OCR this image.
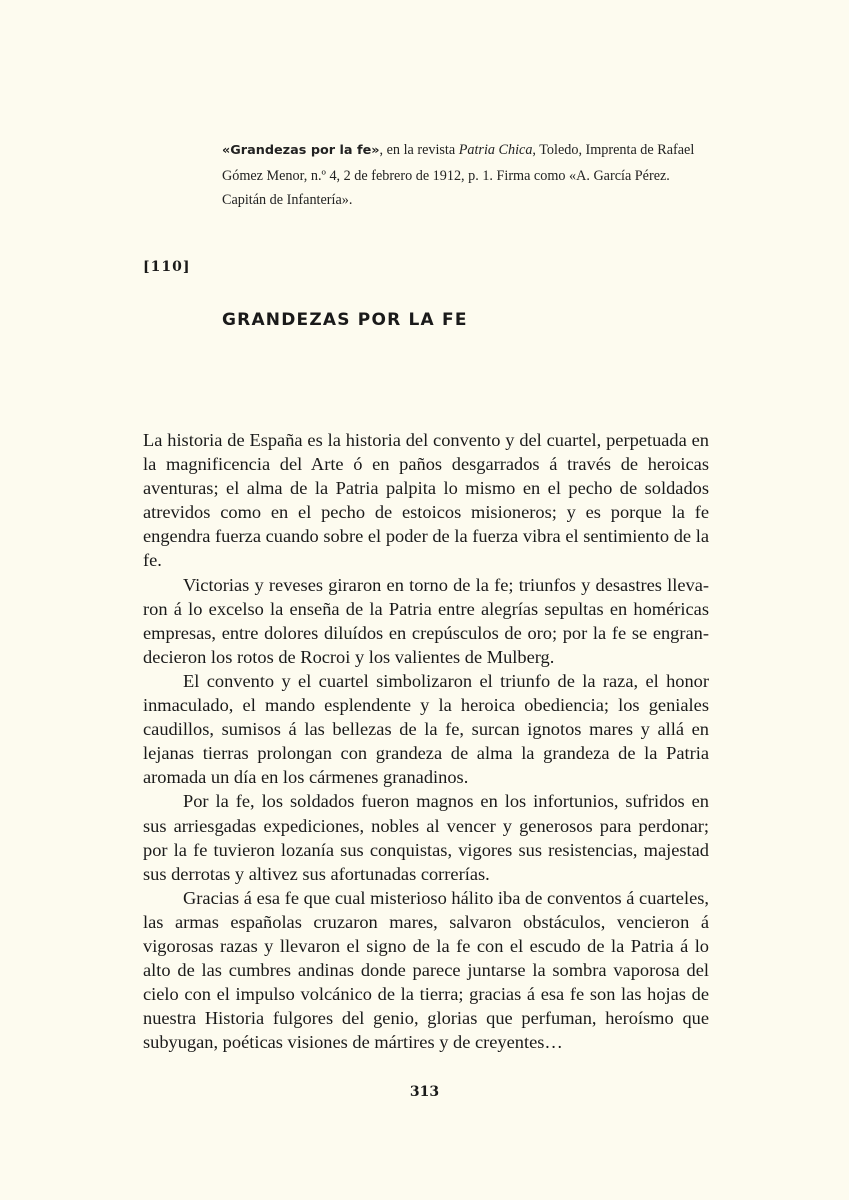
«Grandezas por la fe», en la revista Patria Chica, Toledo, Imprenta de Rafael Gómez Menor, n.º 4, 2 de febrero de 1912, p. 1. Firma como «A. García Pérez. Capitán de Infantería».
[110]
GRANDEZAS POR LA FE

La historia de España es la historia del convento y del cuartel, perpetuada en la magnificencia del Arte ó en paños desgarrados á través de heroicas aventuras; el alma de la Patria palpita lo mismo en el pecho de soldados atrevidos como en el pecho de estoicos misioneros; y es porque la fe engendra fuerza cuando sobre el poder de la fuerza vibra el sentimiento de la fe.

Victorias y reveses giraron en torno de la fe; triunfos y desastres llevaron á lo excelso la enseña de la Patria entre alegrías sepultas en homéricas empresas, entre dolores diluídos en crepúsculos de oro; por la fe se engrandecieron los rotos de Rocroi y los valientes de Mulberg.

El convento y el cuartel simbolizaron el triunfo de la raza, el honor inmaculado, el mando esplendente y la heroica obediencia; los geniales caudillos, sumisos á las bellezas de la fe, surcan ignotos mares y allá en lejanas tierras prolongan con grandeza de alma la grandeza de la Patria aromada un día en los cármenes granadinos.

Por la fe, los soldados fueron magnos en los infortunios, sufridos en sus arriesgadas expediciones, nobles al vencer y generosos para perdonar; por la fe tuvieron lozanía sus conquistas, vigores sus resistencias, majestad sus derrotas y altivez sus afortunadas correrías.

Gracias á esa fe que cual misterioso hálito iba de conventos á cuarteles, las armas españolas cruzaron mares, salvaron obstáculos, vencieron á vigorosas razas y llevaron el signo de la fe con el escudo de la Patria á lo alto de las cumbres andinas donde parece juntarse la sombra vaporosa del cielo con el impulso volcánico de la tierra; gracias á esa fe son las hojas de nuestra Historia fulgores del genio, glorias que perfuman, heroísmo que subyugan, poéticas visiones de mártires y de creyentes…

313
